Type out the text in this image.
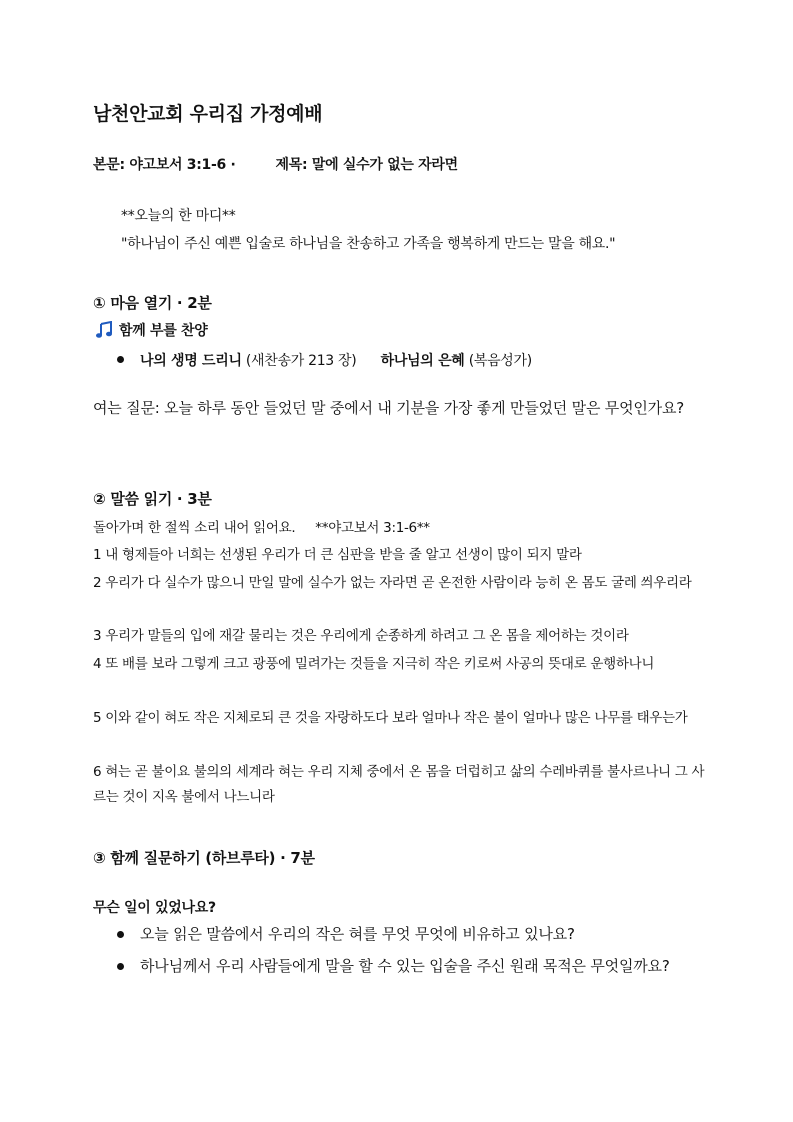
남천안교회 우리집 가정예배
본문: 야고보서 3:1-6 ·	제목: 말에 실수가 없는 자라면
**오늘의 한 마디**
"하나님이 주신 예쁜 입술로 하나님을 찬송하고 가족을 행복하게 만드는 말을 해요."
① 마음 열기 · 2분
함께 부를 찬양
나의 생명 드리니 (새찬송가 213 장) 하나님의 은혜 (복음성가)
여는 질문: 오늘 하루 동안 들었던 말 중에서 내 기분을 가장 좋게 만들었던 말은 무엇인가요?
② 말씀 읽기 · 3분
돌아가며 한 절씩 소리 내어 읽어요. **야고보서 3:1-6**
1 내 형제들아 너희는 선생된 우리가 더 큰 심판을 받을 줄 알고 선생이 많이 되지 말라
2 우리가 다 실수가 많으니 만일 말에 실수가 없는 자라면 곧 온전한 사람이라 능히 온 몸도 굴레 씌우리라
3 우리가 말들의 입에 재갈 물리는 것은 우리에게 순종하게 하려고 그 온 몸을 제어하는 것이라
4 또 배를 보라 그렇게 크고 광풍에 밀려가는 것들을 지극히 작은 키로써 사공의 뜻대로 운행하나니
5 이와 같이 혀도 작은 지체로되 큰 것을 자랑하도다 보라 얼마나 작은 불이 얼마나 많은 나무를 태우는가
6 혀는 곧 불이요 불의의 세계라 혀는 우리 지체 중에서 온 몸을 더럽히고 삶의 수레바퀴를 불사르나니 그 사르는 것이 지옥 불에서 나느니라
③ 함께 질문하기 (하브루타) · 7분
무슨 일이 있었나요?
오늘 읽은 말씀에서 우리의 작은 혀를 무엇 무엇에 비유하고 있나요?
하나님께서 우리 사람들에게 말을 할 수 있는 입술을 주신 원래 목적은 무엇일까요?
